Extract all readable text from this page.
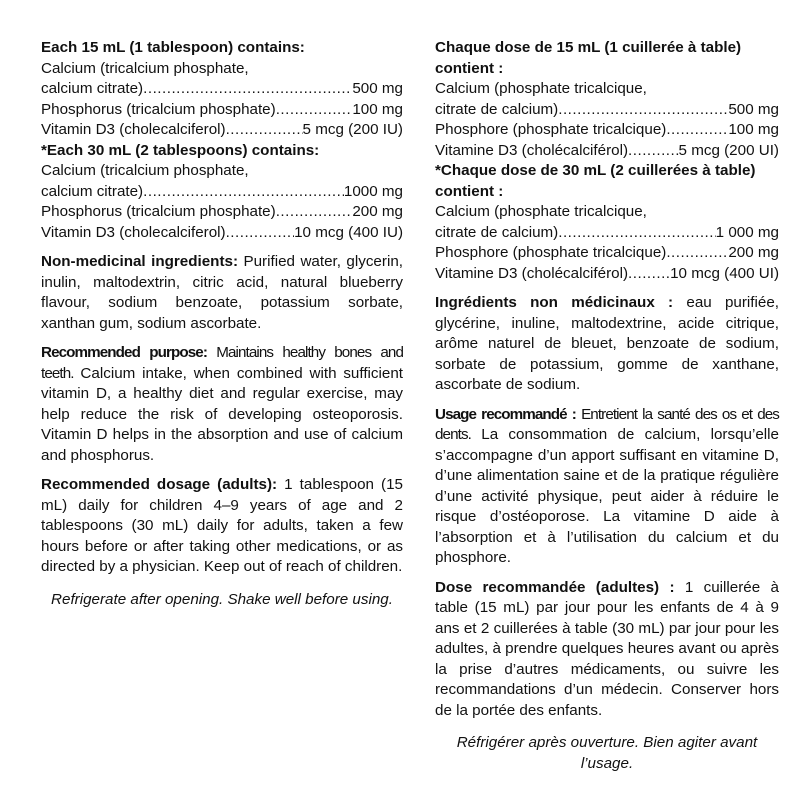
Each 15 mL (1 tablespoon) contains:
Calcium (tricalcium phosphate,
calcium citrate) .....	500 mg
Phosphorus (tricalcium phosphate) .....	100 mg
Vitamin D3 (cholecalciferol) .....	5 mcg (200 IU)
*Each 30 mL (2 tablespoons) contains:
Calcium (tricalcium phosphate,
calcium citrate) .....	1000 mg
Phosphorus (tricalcium phosphate) .....	200 mg
Vitamin D3 (cholecalciferol) .....	10 mcg (400 IU)

Non-medicinal ingredients: Purified water, glycerin, inulin, maltodextrin, citric acid, natural blueberry flavour, sodium benzoate, potassium sorbate, xanthan gum, sodium ascorbate.

Recommended purpose: Maintains healthy bones and teeth. Calcium intake, when combined with sufficient vitamin D, a healthy diet and regular exercise, may help reduce the risk of developing osteoporosis. Vitamin D helps in the absorption and use of calcium and phosphorus.

Recommended dosage (adults): 1 tablespoon (15 mL) daily for children 4–9 years of age and 2 tablespoons (30 mL) daily for adults, taken a few hours before or after taking other medications, or as directed by a physician. Keep out of reach of children.

Refrigerate after opening. Shake well before using.

Chaque dose de 15 mL (1 cuillerée à table) contient :
Calcium (phosphate tricalcique,
citrate de calcium) .....	500 mg
Phosphore (phosphate tricalcique) .....	100 mg
Vitamine D3 (cholécalciférol) .....	5 mcg (200 UI)
*Chaque dose de 30 mL (2 cuillerées à table) contient :
Calcium (phosphate tricalcique,
citrate de calcium) .....	1 000 mg
Phosphore (phosphate tricalcique) .....	200 mg
Vitamine D3 (cholécalciférol) .....	10 mcg (400 UI)

Ingrédients non médicinaux : eau purifiée, glycérine, inuline, maltodextrine, acide citrique, arôme naturel de bleuet, benzoate de sodium, sorbate de potassium, gomme de xanthane, ascorbate de sodium.

Usage recommandé : Entretient la santé des os et des dents. La consommation de calcium, lorsqu’elle s’accompagne d’un apport suffisant en vitamine D, d’une alimentation saine et de la pratique régulière d’une activité physique, peut aider à réduire le risque d’ostéoporose. La vitamine D aide à l’absorption et à l’utilisation du calcium et du phosphore.

Dose recommandée (adultes) : 1 cuillerée à table (15 mL) par jour pour les enfants de 4 à 9 ans et 2 cuillerées à table (30 mL) par jour pour les adultes, à prendre quelques heures avant ou après la prise d’autres médicaments, ou suivre les recommandations d’un médecin. Conserver hors de la portée des enfants.

Réfrigérer après ouverture. Bien agiter avant l’usage.
